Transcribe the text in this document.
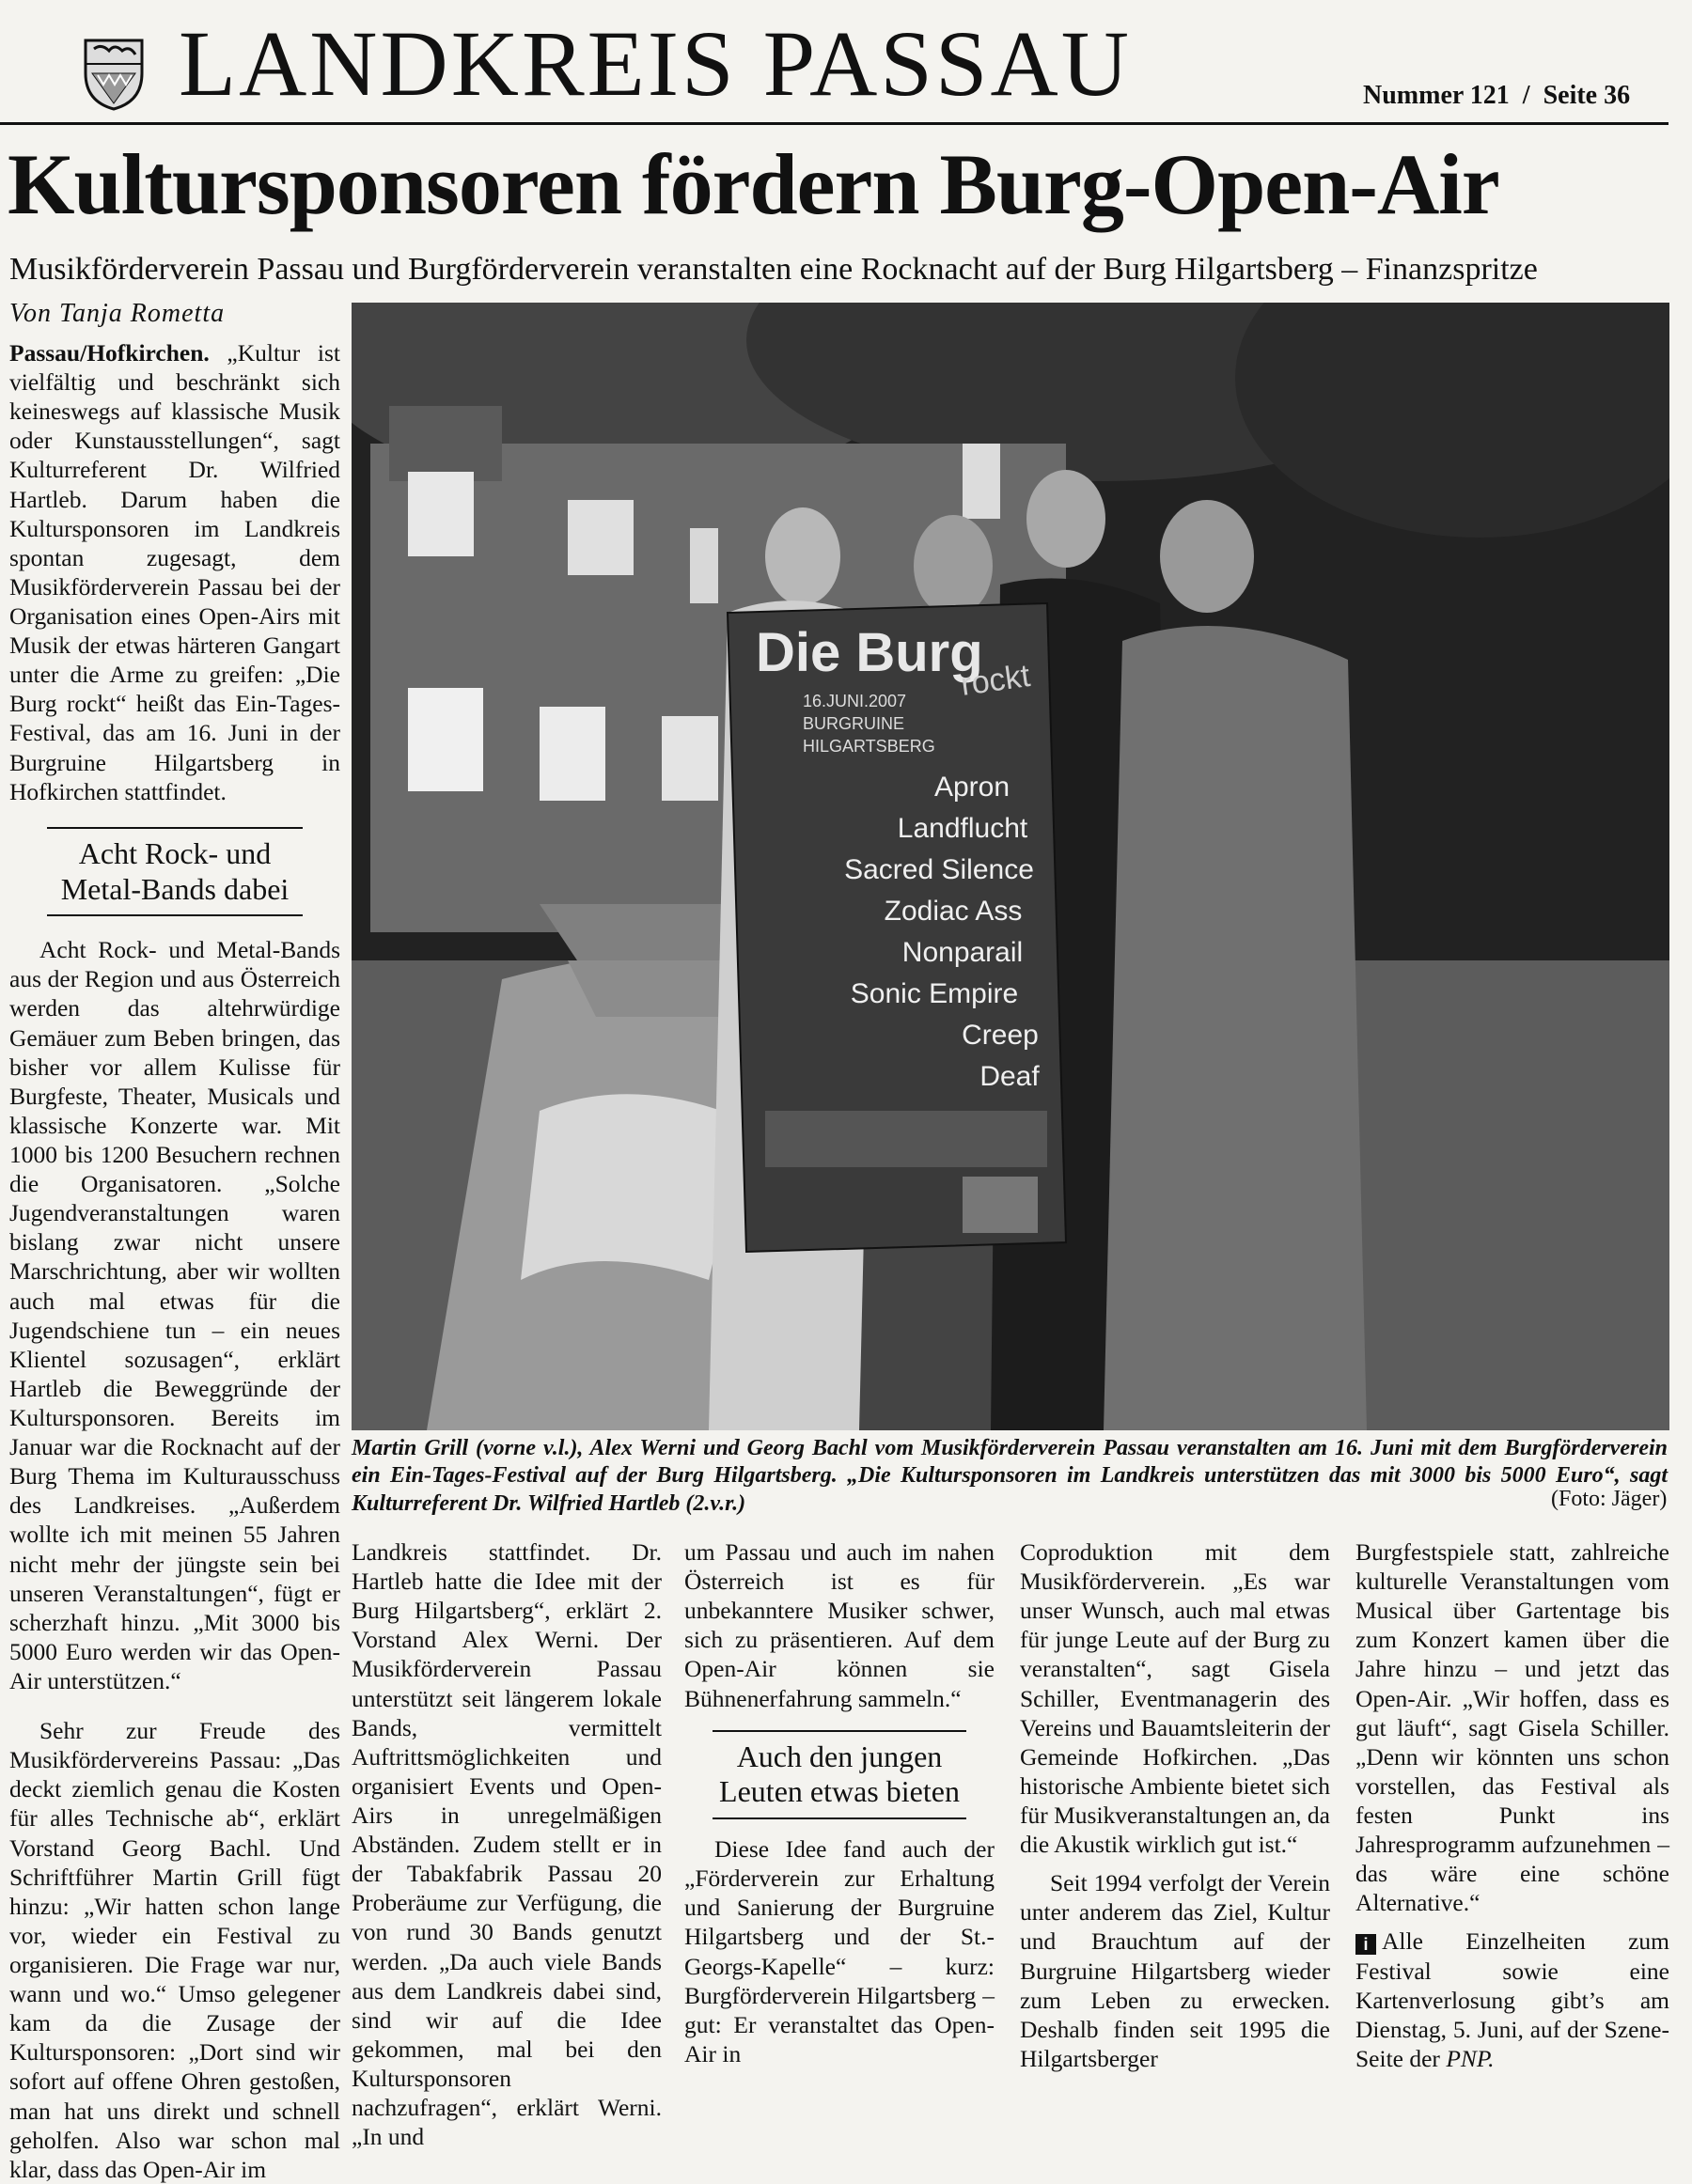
LANDKREIS PASSAU	Nummer 121  /  Seite 36
Kultursponsoren fördern Burg-Open-Air
Musikförderverein Passau und Burgförderverein veranstalten eine Rocknacht auf der Burg Hilgartsberg – Finanzspritze
Von Tanja Rometta

Passau/Hofkirchen. „Kultur ist vielfältig und beschränkt sich keineswegs auf klassische Musik oder Kunstausstellungen“, sagt Kulturreferent Dr. Wilfried Hartleb. Darum haben die Kultursponsoren im Landkreis spontan zugesagt, dem Musikförderverein Passau bei der Organisation eines Open-Airs mit Musik der etwas härteren Gangart unter die Arme zu greifen: „Die Burg rockt“ heißt das Ein-Tages-Festival, das am 16. Juni in der Burgruine Hilgartsberg in Hofkirchen stattfindet.

Acht Rock- und Metal-Bands dabei

Acht Rock- und Metal-Bands aus der Region und aus Österreich werden das altehrwürdige Gemäuer zum Beben bringen, das bisher vor allem Kulisse für Burgfeste, Theater, Musicals und klassische Konzerte war. Mit 1000 bis 1200 Besuchern rechnen die Organisatoren. „Solche Jugendveranstaltungen waren bislang zwar nicht unsere Marschrichtung, aber wir wollten auch mal etwas für die Jugendschiene tun – ein neues Klientel sozusagen“, erklärt Hartleb die Beweggründe der Kultursponsoren. Bereits im Januar war die Rocknacht auf der Burg Thema im Kulturausschuss des Landkreises. „Außerdem wollte ich mit meinen 55 Jahren nicht mehr der jüngste sein bei unseren Veranstaltungen“, fügt er scherzhaft hinzu. „Mit 3000 bis 5000 Euro werden wir das Open-Air unterstützen.“

Sehr zur Freude des Musikfördervereins Passau: „Das deckt ziemlich genau die Kosten für alles Technische ab“, erklärt Vorstand Georg Bachl. Und Schriftführer Martin Grill fügt hinzu: „Wir hatten schon lange vor, wieder ein Festival zu organisieren. Die Frage war nur, wann und wo.“ Umso gelegener kam da die Zusage der Kultursponsoren: „Dort sind wir sofort auf offene Ohren gestoßen, man hat uns direkt und schnell geholfen. Also war schon mal klar, dass das Open-Air im

Die Burg
rockt
16.JUNI.2007
BURGRUINE
HILGARTSBERG
Apron
Landflucht
Sacred Silence
Zodiac Ass
Nonparail
Sonic Empire
Creep
Deaf
Martin Grill (vorne v.l.), Alex Werni und Georg Bachl vom Musikförderverein Passau veranstalten am 16. Juni mit dem Burgförderverein ein Ein-Tages-Festival auf der Burg Hilgartsberg. „Die Kultursponsoren im Landkreis unterstützen das mit 3000 bis 5000 Euro“, sagt Kulturreferent Dr. Wilfried Hartleb (2.v.r.)	(Foto: Jäger)

Landkreis stattfindet. Dr. Hartleb hatte die Idee mit der Burg Hilgartsberg“, erklärt 2. Vorstand Alex Werni. Der Musikförderverein Passau unterstützt seit längerem lokale Bands, vermittelt Auftrittsmöglichkeiten und organisiert Events und Open-Airs in unregelmäßigen Abständen. Zudem stellt er in der Tabakfabrik Passau 20 Proberäume zur Verfügung, die von rund 30 Bands genutzt werden. „Da auch viele Bands aus dem Landkreis dabei sind, sind wir auf die Idee gekommen, mal bei den Kultursponsoren nachzufragen“, erklärt Werni. „In und

um Passau und auch im nahen Österreich ist es für unbekanntere Musiker schwer, sich zu präsentieren. Auf dem Open-Air können sie Bühnenerfahrung sammeln.“

Auch den jungen Leuten etwas bieten

Diese Idee fand auch der „Förderverein zur Erhaltung und Sanierung der Burgruine Hilgartsberg und der St.-Georgs-Kapelle“ – kurz: Burgförderverein Hilgartsberg – gut: Er veranstaltet das Open-Air in

Coproduktion mit dem Musikförderverein. „Es war unser Wunsch, auch mal etwas für junge Leute auf der Burg zu veranstalten“, sagt Gisela Schiller, Eventmanagerin des Vereins und Bauamtsleiterin der Gemeinde Hofkirchen. „Das historische Ambiente bietet sich für Musikveranstaltungen an, da die Akustik wirklich gut ist.“

Seit 1994 verfolgt der Verein unter anderem das Ziel, Kultur und Brauchtum auf der Burgruine Hilgartsberg wieder zum Leben zu erwecken. Deshalb finden seit 1995 die Hilgartsberger

Burgfestspiele statt, zahlreiche kulturelle Veranstaltungen vom Musical über Gartentage bis zum Konzert kamen über die Jahre hinzu – und jetzt das Open-Air. „Wir hoffen, dass es gut läuft“, sagt Gisela Schiller. „Denn wir könnten uns schon vorstellen, das Festival als festen Punkt ins Jahresprogramm aufzunehmen – das wäre eine schöne Alternative.“

i Alle Einzelheiten zum Festival sowie eine Kartenverlosung gibt’s am Dienstag, 5. Juni, auf der Szene-Seite der PNP.
